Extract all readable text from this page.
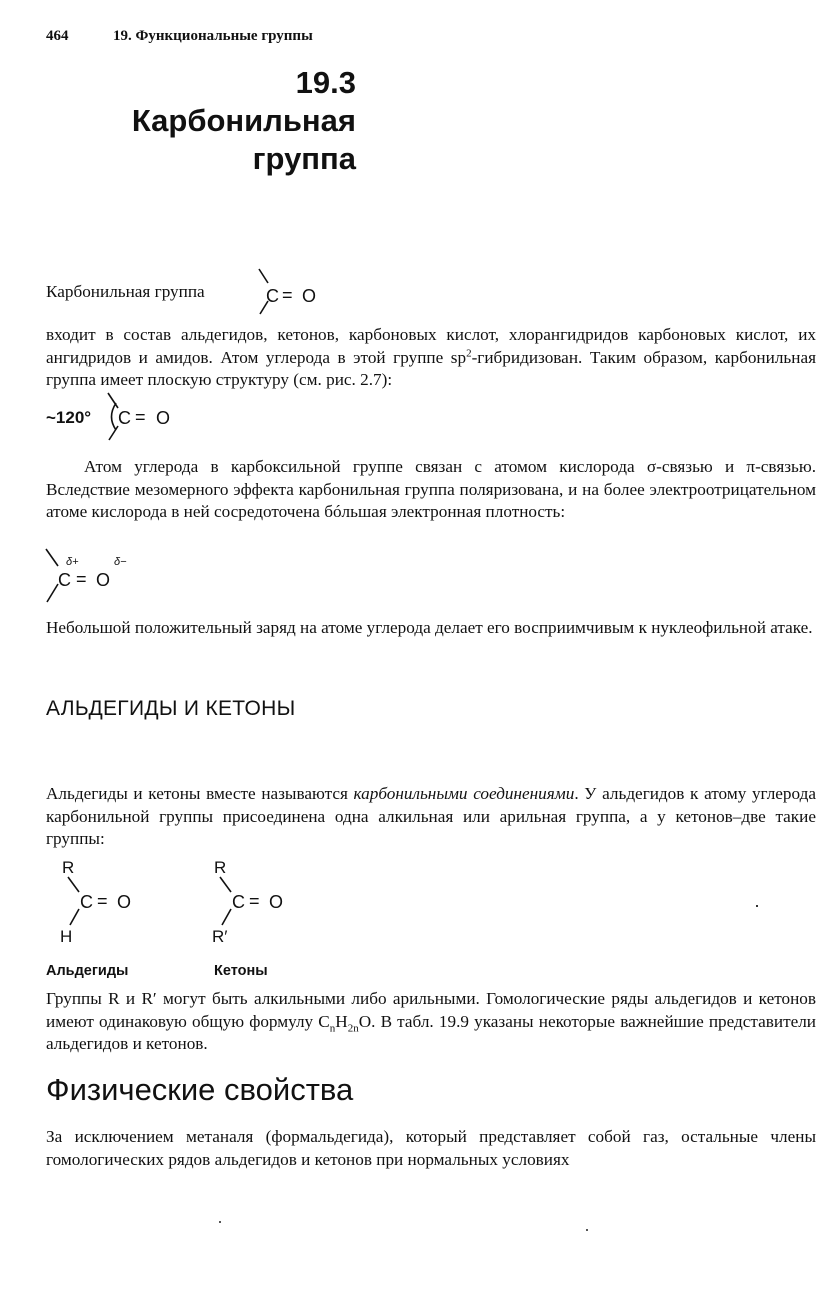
464	19. Функциональные группы
19.3
Карбонильная
группа
Карбонильная группа	C = O
входит в состав альдегидов, кетонов, карбоновых кислот, хлорангидридов карбоновых кислот, их ангидридов и амидов. Атом углерода в этой группе $sp^2$-гибридизован. Таким образом, карбонильная группа имеет плоскую структуру (см. рис. 2.7):
~120° C = O
Атом углерода в карбоксильной группе связан с атомом кислорода σ-связью и π-связью. Вследствие мезомерного эффекта карбонильная группа поляризована, и на более электроотрицательном атоме кислорода в ней сосредоточена бóльшая электронная плотность:
δ+	δ−
C = O
Небольшой положительный заряд на атоме углерода делает его восприимчивым к нуклеофильной атаке.
АЛЬДЕГИДЫ И КЕТОНЫ
Альдегиды и кетоны вместе называются карбонильными соединениями. У альдегидов к атому углерода карбонильной группы присоединена одна алкильная или арильная группа, а у кетонов–две такие группы:
R
C = O
H
R
C = O
R′
Альдегиды	Кетоны
Группы R и R′ могут быть алкильными либо арильными. Гомологические ряды альдегидов и кетонов имеют одинаковую общую формулу $C_nH_{2n}O$. В табл. 19.9 указаны некоторые важнейшие представители альдегидов и кетонов.
Физические свойства
За исключением метаналя (формальдегида), который представляет собой газ, остальные члены гомологических рядов альдегидов и кетонов при нормальных условиях
